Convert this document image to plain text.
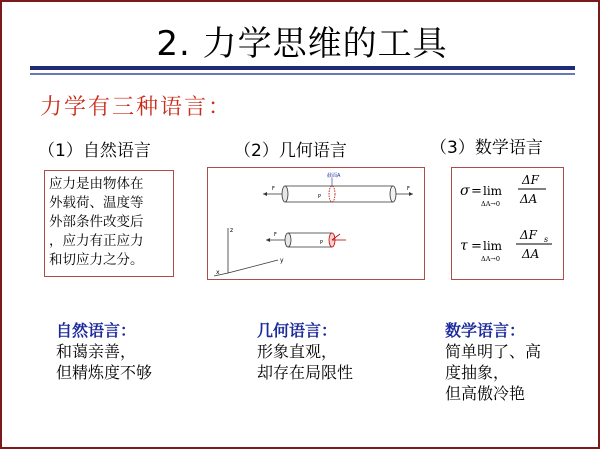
2. 力学思维的工具
力学有三种语言：
（1）自然语言	（2）几何语言	（3）数学语言
应力是由物体在
外载荷、温度等
外部条件改变后
，应力有正应力
和切应力之分。
z
y
x
F	F
P
截面A
F
P
σ = lim
ΔA→0
ΔF
ΔA
τ = lim
ΔA→0
ΔF s
ΔA
自然语言：
和蔼亲善，
但精炼度不够
几何语言：
形象直观，
却存在局限性
数学语言：
简单明了、高
度抽象，
但高傲冷艳
